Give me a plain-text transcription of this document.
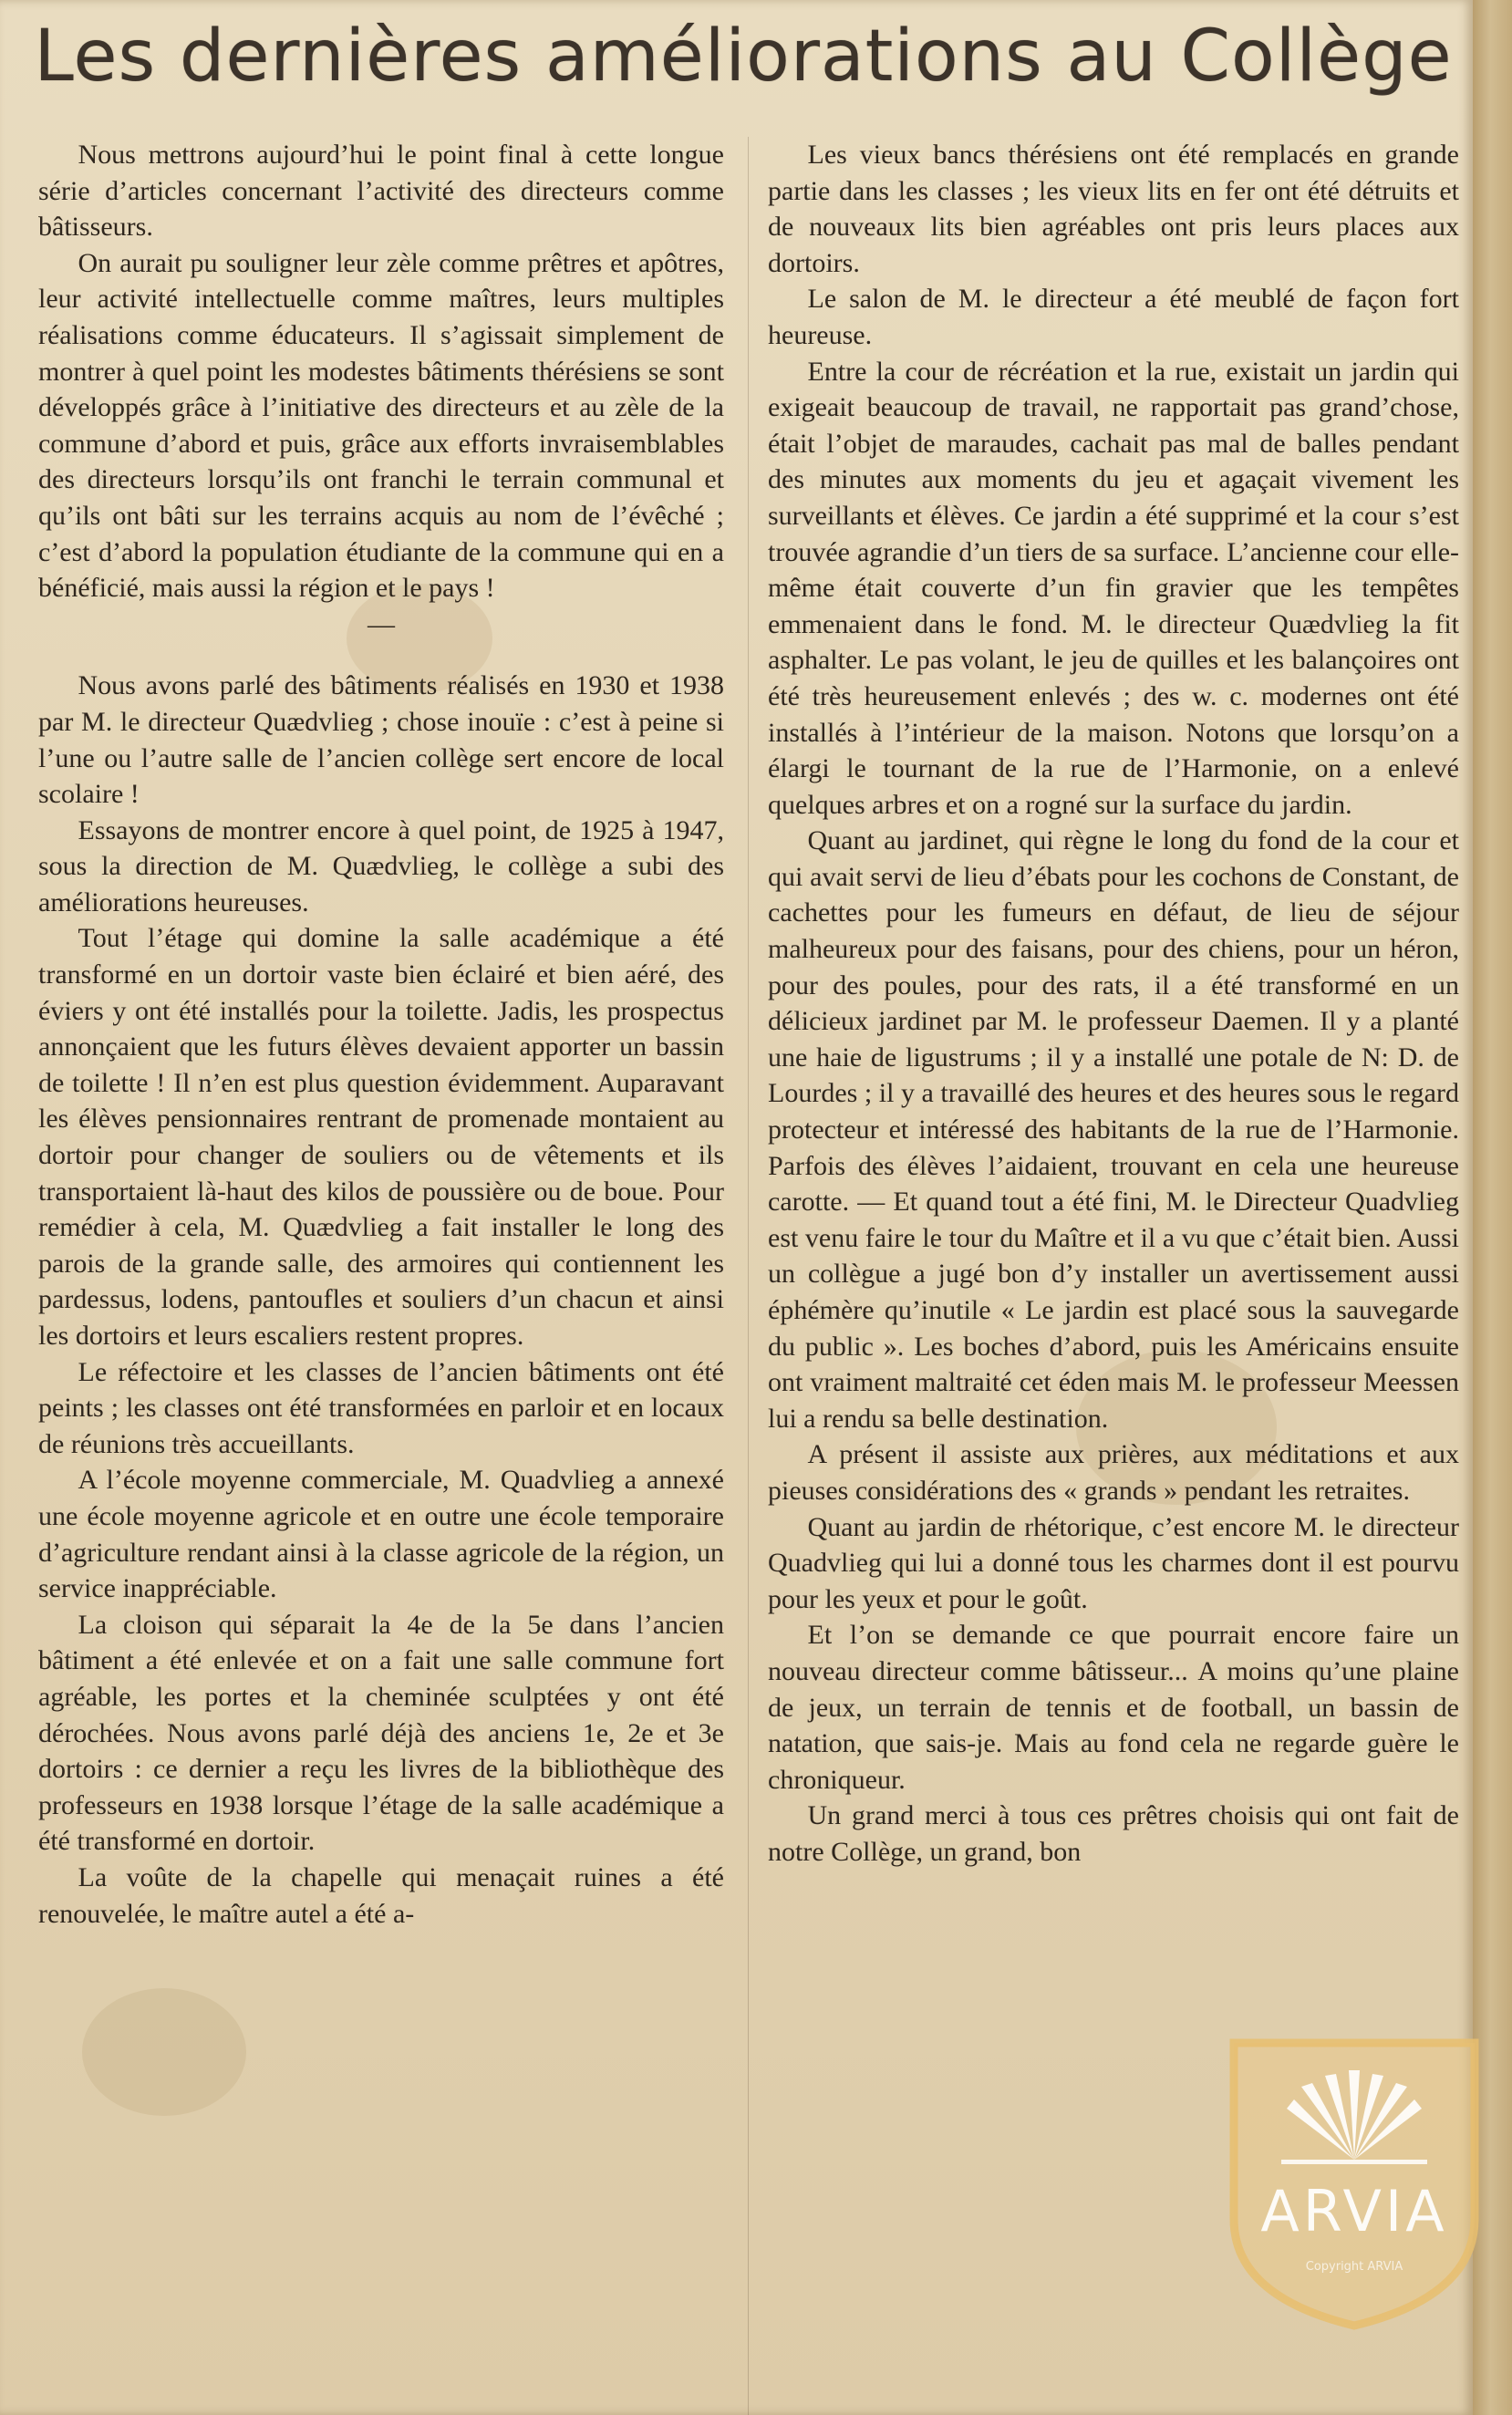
Les dernières améliorations au Collège

Nous mettrons aujourd’hui le point final à cette longue série d’articles concernant l’activité des directeurs comme bâtisseurs.

On aurait pu souligner leur zèle comme prêtres et apôtres, leur activité intellectuelle comme maîtres, leurs multiples réalisations comme éducateurs. Il s’agissait simplement de montrer à quel point les modestes bâtiments thérésiens se sont développés grâce à l’initiative des directeurs et au zèle de la commune d’abord et puis, grâce aux efforts invraisemblables des directeurs lorsqu’ils ont franchi le terrain communal et qu’ils ont bâti sur les terrains acquis au nom de l’évêché ; c’est d’abord la population étudiante de la commune qui en a bénéficié, mais aussi la région et le pays !

—

Nous avons parlé des bâtiments réalisés en 1930 et 1938 par M. le directeur Quædvlieg ; chose inouïe : c’est à peine si l’une ou l’autre salle de l’ancien collège sert encore de local scolaire !

Essayons de montrer encore à quel point, de 1925 à 1947, sous la direction de M. Quædvlieg, le collège a subi des améliorations heureuses.

Tout l’étage qui domine la salle académique a été transformé en un dortoir vaste bien éclairé et bien aéré, des éviers y ont été installés pour la toilette. Jadis, les prospectus annonçaient que les futurs élèves devaient apporter un bassin de toilette ! Il n’en est plus question évidemment. Auparavant les élèves pensionnaires rentrant de promenade montaient au dortoir pour changer de souliers ou de vêtements et ils transportaient là-haut des kilos de poussière ou de boue. Pour remédier à cela, M. Quædvlieg a fait installer le long des parois de la grande salle, des armoires qui contiennent les pardessus, lodens, pantoufles et souliers d’un chacun et ainsi les dortoirs et leurs escaliers restent propres.

Le réfectoire et les classes de l’ancien bâtiments ont été peints ; les classes ont été transformées en parloir et en locaux de réunions très accueillants.

A l’école moyenne commerciale, M. Quadvlieg a annexé une école moyenne agricole et en outre une école temporaire d’agriculture rendant ainsi à la classe agricole de la région, un service inappréciable.

La cloison qui séparait la 4e de la 5e dans l’ancien bâtiment a été enlevée et on a fait une salle commune fort agréable, les portes et la cheminée sculptées y ont été dérochées. Nous avons parlé déjà des anciens 1e, 2e et 3e dortoirs : ce dernier a reçu les livres de la bibliothèque des professeurs en 1938 lorsque l’étage de la salle académique a été transformé en dortoir.

La voûte de la chapelle qui menaçait ruines a été renouvelée, le maître autel a été a-

Les vieux bancs thérésiens ont été remplacés en grande partie dans les classes ; les vieux lits en fer ont été détruits et de nouveaux lits bien agréables ont pris leurs places aux dortoirs.

Le salon de M. le directeur a été meublé de façon fort heureuse.

Entre la cour de récréation et la rue, existait un jardin qui exigeait beaucoup de travail, ne rapportait pas grand’chose, était l’objet de maraudes, cachait pas mal de balles pendant des minutes aux moments du jeu et agaçait vivement les surveillants et élèves. Ce jardin a été supprimé et la cour s’est trouvée agrandie d’un tiers de sa surface. L’ancienne cour elle-même était couverte d’un fin gravier que les tempêtes emmenaient dans le fond. M. le directeur Quædvlieg la fit asphalter. Le pas volant, le jeu de quilles et les balançoires ont été très heureusement enlevés ; des w. c. modernes ont été installés à l’intérieur de la maison. Notons que lorsqu’on a élargi le tournant de la rue de l’Harmonie, on a enlevé quelques arbres et on a rogné sur la surface du jardin.

Quant au jardinet, qui règne le long du fond de la cour et qui avait servi de lieu d’ébats pour les cochons de Constant, de cachettes pour les fumeurs en défaut, de lieu de séjour malheureux pour des faisans, pour des chiens, pour un héron, pour des poules, pour des rats, il a été transformé en un délicieux jardinet par M. le professeur Daemen. Il y a planté une haie de ligustrums ; il y a installé une potale de N: D. de Lourdes ; il y a travaillé des heures et des heures sous le regard protecteur et intéressé des habitants de la rue de l’Harmonie. Parfois des élèves l’aidaient, trouvant en cela une heureuse carotte. — Et quand tout a été fini, M. le Directeur Quadvlieg est venu faire le tour du Maître et il a vu que c’était bien. Aussi un collègue a jugé bon d’y installer un avertissement aussi éphémère qu’inutile « Le jardin est placé sous la sauvegarde du public ». Les boches d’abord, puis les Américains ensuite ont vraiment maltraité cet éden mais M. le professeur Meessen lui a rendu sa belle destination.

A présent il assiste aux prières, aux méditations et aux pieuses considérations des « grands » pendant les retraites.

Quant au jardin de rhétorique, c’est encore M. le directeur Quadvlieg qui lui a donné tous les charmes dont il est pourvu pour les yeux et pour le goût.

Et l’on se demande ce que pourrait encore faire un nouveau directeur comme bâtisseur... A moins qu’une plaine de jeux, un terrain de tennis et de football, un bassin de natation, que sais-je. Mais au fond cela ne regarde guère le chroniqueur.

Un grand merci à tous ces prêtres choisis qui ont fait de notre Collège, un grand, bon

ARVIA
Copyright ARVIA
